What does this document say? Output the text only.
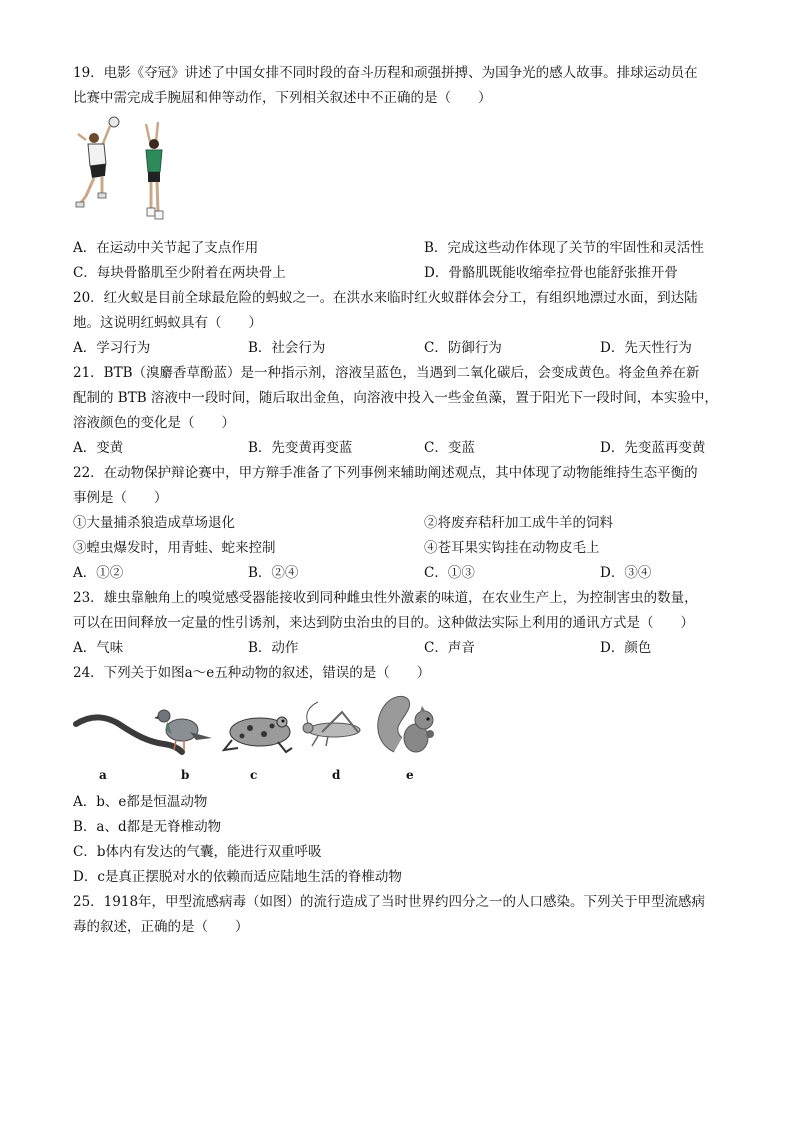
19．电影《夺冠》讲述了中国女排不同时段的奋斗历程和顽强拼搏、为国争光的感人故事。排球运动员在
比赛中需完成手腕屈和伸等动作，下列相关叙述中不正确的是（　　）
A．在运动中关节起了支点作用	B．完成这些动作体现了关节的牢固性和灵活性
C．每块骨骼肌至少附着在两块骨上	D．骨骼肌既能收缩牵拉骨也能舒张推开骨
20．红火蚁是目前全球最危险的蚂蚁之一。在洪水来临时红火蚁群体会分工，有组织地漂过水面，到达陆
地。这说明红蚂蚁具有（　　）
A．学习行为	B．社会行为	C．防御行为	D．先天性行为
21．BTB（溴麝香草酚蓝）是一种指示剂，溶液呈蓝色，当遇到二氧化碳后，会变成黄色。将金鱼养在新
配制的 BTB 溶液中一段时间，随后取出金鱼，向溶液中投入一些金鱼藻，置于阳光下一段时间，本实验中，
溶液颜色的变化是（　　）
A．变黄	B．先变黄再变蓝	C．变蓝	D．先变蓝再变黄
22．在动物保护辩论赛中，甲方辩手准备了下列事例来辅助阐述观点，其中体现了动物能维持生态平衡的
事例是（　　）
①大量捕杀狼造成草场退化	②将废弃秸秆加工成牛羊的饲料
③蝗虫爆发时，用青蛙、蛇来控制	④苍耳果实钩挂在动物皮毛上
A．①②	B．②④	C．①③	D．③④
23．雄虫靠触角上的嗅觉感受器能接收到同种雌虫性外激素的味道，在农业生产上，为控制害虫的数量，
可以在田间释放一定量的性引诱剂，来达到防虫治虫的目的。这种做法实际上利用的通讯方式是（　　）
A．气味	B．动作	C．声音	D．颜色
24．下列关于如图a～e五种动物的叙述，错误的是（　　）
a	b	c	d	e
A．b、e都是恒温动物
B．a、d都是无脊椎动物
C．b体内有发达的气囊，能进行双重呼吸
D．c是真正摆脱对水的依赖而适应陆地生活的脊椎动物
25．1918年，甲型流感病毒（如图）的流行造成了当时世界约四分之一的人口感染。下列关于甲型流感病
毒的叙述，正确的是（　　）
